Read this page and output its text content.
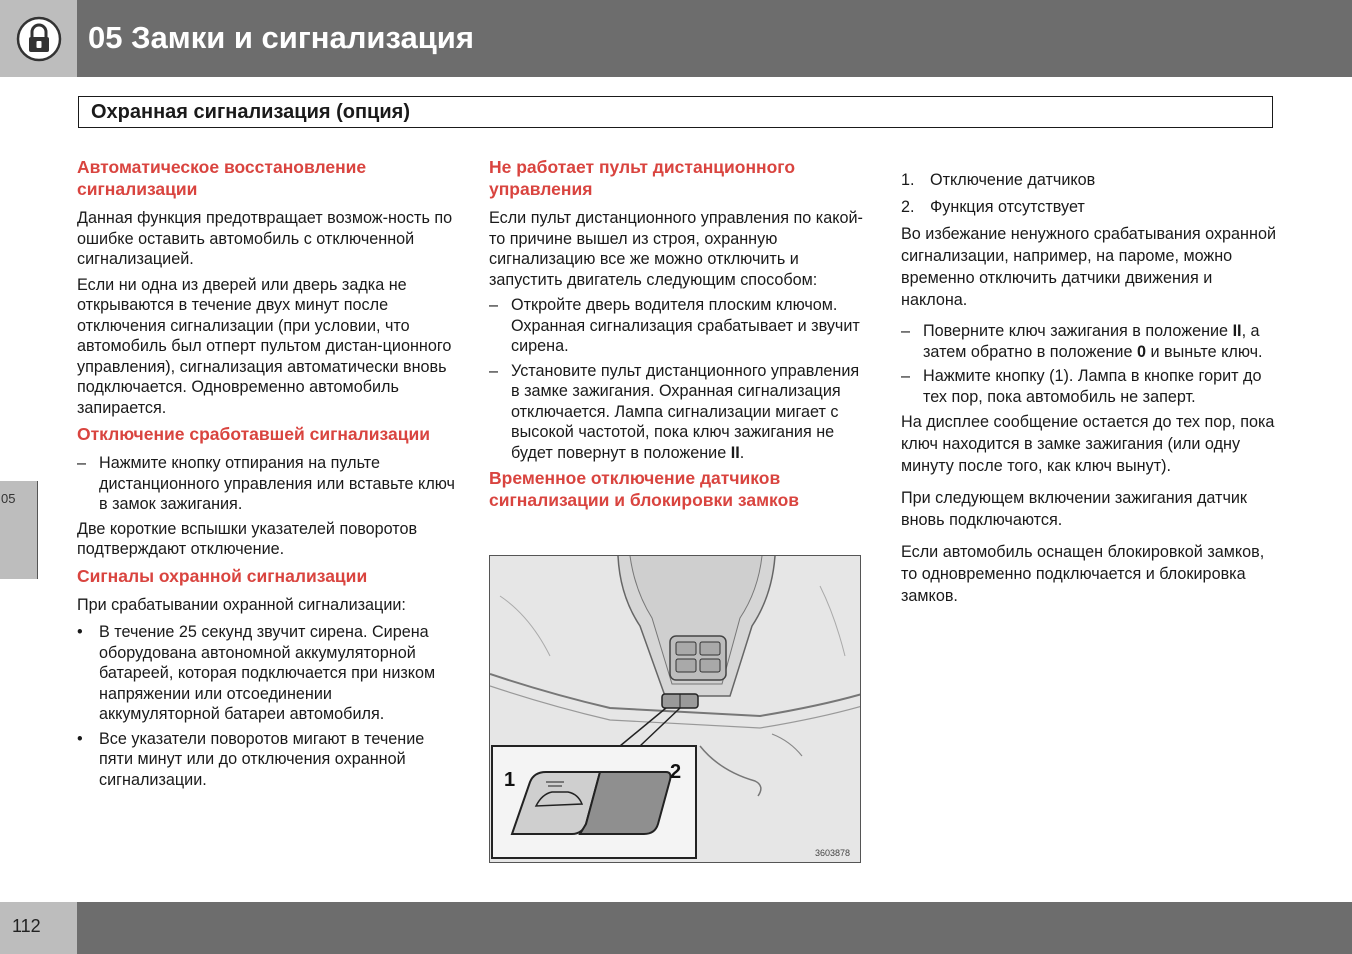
05 Замки и сигнализация
Охранная сигнализация (опция)
05
Автоматическое восстановление сигнализации

Данная функция предотвращает возмож-ность по ошибке оставить автомобиль с отключенной сигнализацией.

Если ни одна из дверей или дверь задка не открываются в течение двух минут после отключения сигнализации (при условии, что автомобиль был отперт пультом дистан-ционного управления), сигнализация автоматически вновь подключается. Одновременно автомобиль запирается.

Отключение сработавшей сигнализации
– Нажмите кнопку отпирания на пульте дистанционного управления или вставьте ключ в замок зажигания.

Две короткие вспышки указателей поворотов подтверждают отключение.

Сигналы охранной сигнализации

При срабатывании охранной сигнализации:

• В течение 25 секунд звучит сирена. Сирена оборудована автономной аккумуляторной батареей, которая подключается при низком напряжении или отсоединении аккумуляторной батареи автомобиля.
• Все указатели поворотов мигают в течение пяти минут или до отключения охранной сигнализации.
Не работает пульт дистанционного управления

Если пульт дистанционного управления по какой-то причине вышел из строя, охранную сигнализацию все же можно отключить и запустить двигатель следующим способом:

– Откройте дверь водителя плоским ключом. Охранная сигнализация срабатывает и звучит сирена.
– Установите пульт дистанционного управления в замке зажигания. Охранная сигнализация отключается. Лампа сигнализации мигает с высокой частотой, пока ключ зажигания не будет повернут в положение II.
Временное отключение датчиков сигнализации и блокировки замков
1	2
3603878
1. Отключение датчиков
2. Функция отсутствует

Во избежание ненужного срабатывания охранной сигнализации, например, на пароме, можно временно отключить датчики движения и наклона.

– Поверните ключ зажигания в положение II, а затем обратно в положение 0 и выньте ключ.
– Нажмите кнопку (1). Лампа в кнопке горит до тех пор, пока автомобиль не заперт.

На дисплее сообщение остается до тех пор, пока ключ находится в замке зажигания (или одну минуту после того, как ключ вынут).

При следующем включении зажигания датчик вновь подключаются.

Если автомобиль оснащен блокировкой замков, то одновременно подключается и блокировка замков.

112
